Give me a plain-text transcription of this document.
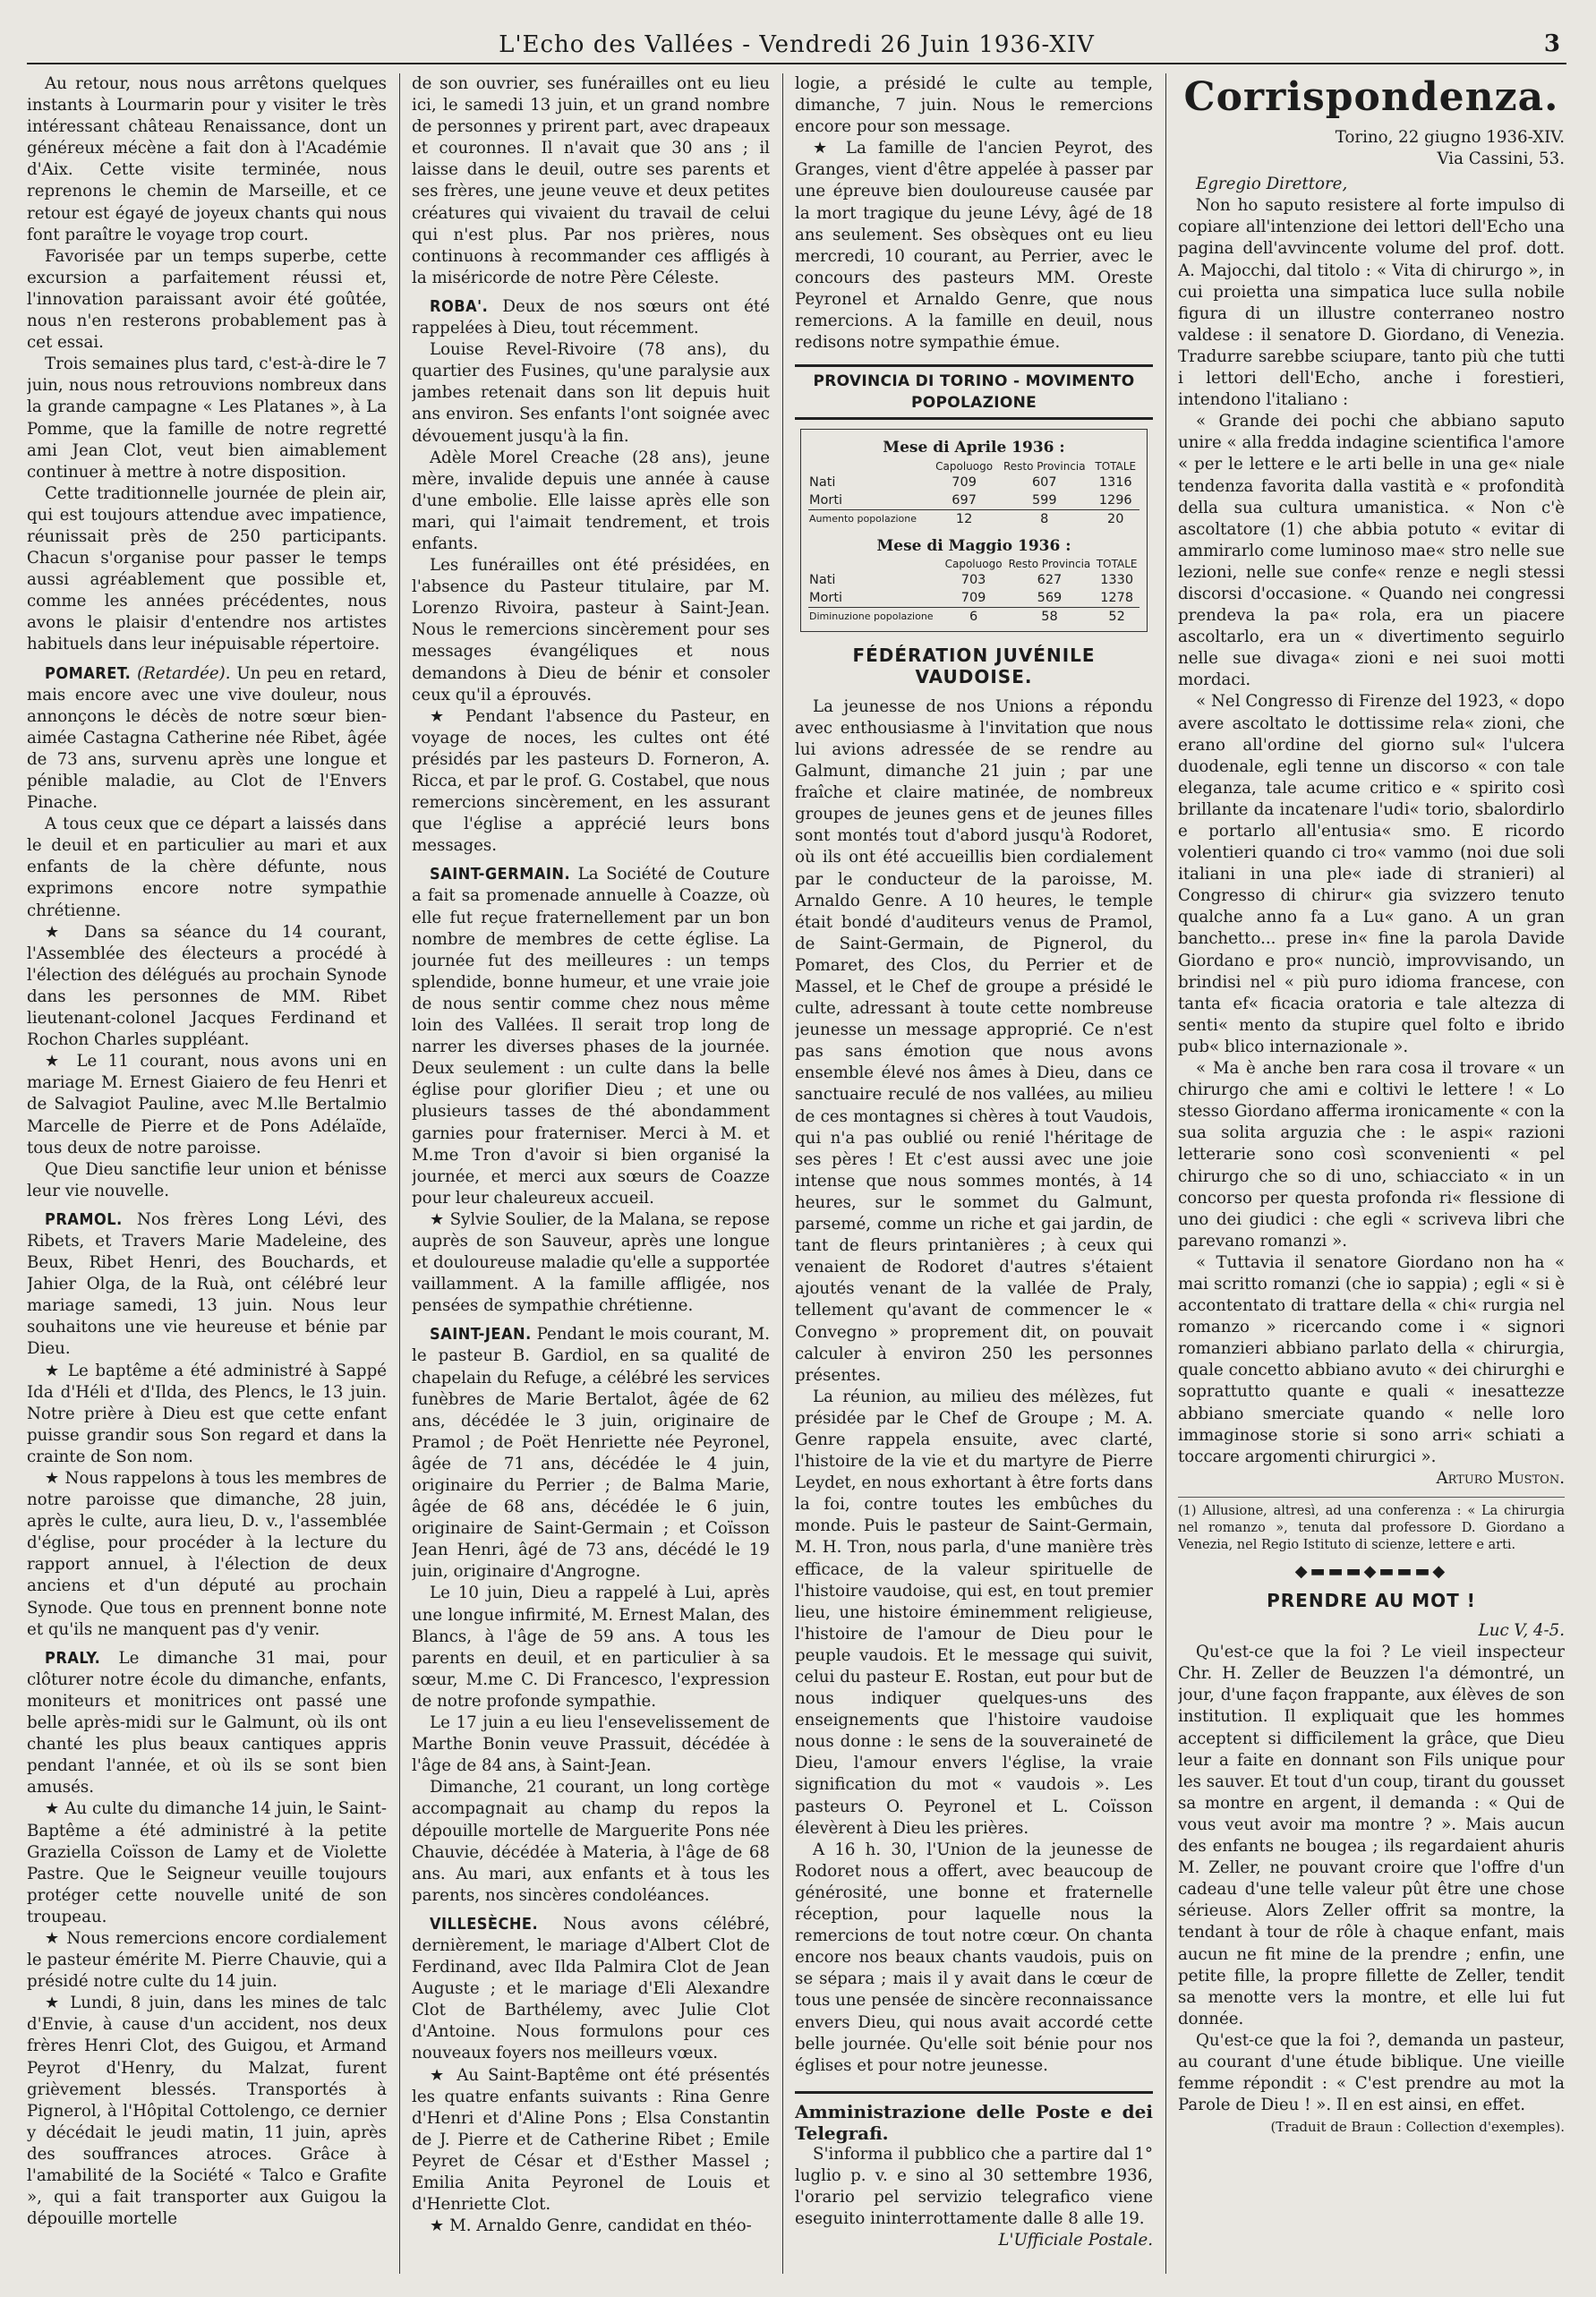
L'Echo des Vallées - Vendredi 26 Juin 1936-XIV	3

Au retour, nous nous arrêtons quelques instants à Lourmarin pour y visiter le très intéressant château Renaissance, dont un généreux mécène a fait don à l'Académie d'Aix. Cette visite terminée, nous reprenons le chemin de Marseille, et ce retour est égayé de joyeux chants qui nous font paraître le voyage trop court.

Favorisée par un temps superbe, cette excursion a parfaitement réussi et, l'innovation paraissant avoir été goûtée, nous n'en resterons probablement pas à cet essai.

Trois semaines plus tard, c'est-à-dire le 7 juin, nous nous retrouvions nombreux dans la grande campagne « Les Platanes », à La Pomme, que la famille de notre regretté ami Jean Clot, veut bien aimablement continuer à mettre à notre disposition.

Cette traditionnelle journée de plein air, qui est toujours attendue avec impatience, réunissait près de 250 participants. Chacun s'organise pour passer le temps aussi agréablement que possible et, comme les années précédentes, nous avons le plaisir d'entendre nos artistes habituels dans leur inépuisable répertoire.

POMARET. (Retardée). Un peu en retard, mais encore avec une vive douleur, nous annonçons le décès de notre sœur bien-aimée Castagna Catherine née Ribet, âgée de 73 ans, survenu après une longue et pénible maladie, au Clot de l'Envers Pinache.

A tous ceux que ce départ a laissés dans le deuil et en particulier au mari et aux enfants de la chère défunte, nous exprimons encore notre sympathie chrétienne.

★ Dans sa séance du 14 courant, l'Assemblée des électeurs a procédé à l'élection des délégués au prochain Synode dans les personnes de MM. Ribet lieutenant-colonel Jacques Ferdinand et Rochon Charles suppléant.

★ Le 11 courant, nous avons uni en mariage M. Ernest Giaiero de feu Henri et de Salvagiot Pauline, avec M.lle Bertalmio Marcelle de Pierre et de Pons Adélaïde, tous deux de notre paroisse.

Que Dieu sanctifie leur union et bénisse leur vie nouvelle.

PRAMOL. Nos frères Long Lévi, des Ribets, et Travers Marie Madeleine, des Beux, Ribet Henri, des Bouchards, et Jahier Olga, de la Ruà, ont célébré leur mariage samedi, 13 juin. Nous leur souhaitons une vie heureuse et bénie par Dieu.

★ Le baptême a été administré à Sappé Ida d'Héli et d'Ilda, des Plencs, le 13 juin. Notre prière à Dieu est que cette enfant puisse grandir sous Son regard et dans la crainte de Son nom.

★ Nous rappelons à tous les membres de notre paroisse que dimanche, 28 juin, après le culte, aura lieu, D. v., l'assemblée d'église, pour procéder à la lecture du rapport annuel, à l'élection de deux anciens et d'un député au prochain Synode. Que tous en prennent bonne note et qu'ils ne manquent pas d'y venir.

PRALY. Le dimanche 31 mai, pour clôturer notre école du dimanche, enfants, moniteurs et monitrices ont passé une belle après-midi sur le Galmunt, où ils ont chanté les plus beaux cantiques appris pendant l'année, et où ils se sont bien amusés.

★ Au culte du dimanche 14 juin, le Saint-Baptême a été administré à la petite Graziella Coïsson de Lamy et de Violette Pastre. Que le Seigneur veuille toujours protéger cette nouvelle unité de son troupeau.

★ Nous remercions encore cordialement le pasteur émérite M. Pierre Chauvie, qui a présidé notre culte du 14 juin.

★ Lundi, 8 juin, dans les mines de talc d'Envie, à cause d'un accident, nos deux frères Henri Clot, des Guigou, et Armand Peyrot d'Henry, du Malzat, furent grièvement blessés. Transportés à Pignerol, à l'Hôpital Cottolengo, ce dernier y décédait le jeudi matin, 11 juin, après des souffrances atroces. Grâce à l'amabilité de la Société « Talco e Grafite », qui a fait transporter aux Guigou la dépouille mortelle

de son ouvrier, ses funérailles ont eu lieu ici, le samedi 13 juin, et un grand nombre de personnes y prirent part, avec drapeaux et couronnes. Il n'avait que 30 ans ; il laisse dans le deuil, outre ses parents et ses frères, une jeune veuve et deux petites créatures qui vivaient du travail de celui qui n'est plus. Par nos prières, nous continuons à recommander ces affligés à la miséricorde de notre Père Céleste.

ROBA'. Deux de nos sœurs ont été rappelées à Dieu, tout récemment.

Louise Revel-Rivoire (78 ans), du quartier des Fusines, qu'une paralysie aux jambes retenait dans son lit depuis huit ans environ. Ses enfants l'ont soignée avec dévouement jusqu'à la fin.

Adèle Morel Creache (28 ans), jeune mère, invalide depuis une année à cause d'une embolie. Elle laisse après elle son mari, qui l'aimait tendrement, et trois enfants.

Les funérailles ont été présidées, en l'absence du Pasteur titulaire, par M. Lorenzo Rivoira, pasteur à Saint-Jean. Nous le remercions sincèrement pour ses messages évangéliques et nous demandons à Dieu de bénir et consoler ceux qu'il a éprouvés.

★ Pendant l'absence du Pasteur, en voyage de noces, les cultes ont été présidés par les pasteurs D. Forneron, A. Ricca, et par le prof. G. Costabel, que nous remercions sincèrement, en les assurant que l'église a apprécié leurs bons messages.

SAINT-GERMAIN. La Société de Couture a fait sa promenade annuelle à Coazze, où elle fut reçue fraternellement par un bon nombre de membres de cette église. La journée fut des meilleures : un temps splendide, bonne humeur, et une vraie joie de nous sentir comme chez nous même loin des Vallées. Il serait trop long de narrer les diverses phases de la journée. Deux seulement : un culte dans la belle église pour glorifier Dieu ; et une ou plusieurs tasses de thé abondamment garnies pour fraterniser. Merci à M. et M.me Tron d'avoir si bien organisé la journée, et merci aux sœurs de Coazze pour leur chaleureux accueil.

★ Sylvie Soulier, de la Malana, se repose auprès de son Sauveur, après une longue et douloureuse maladie qu'elle a supportée vaillamment. A la famille affligée, nos pensées de sympathie chrétienne.

SAINT-JEAN. Pendant le mois courant, M. le pasteur B. Gardiol, en sa qualité de chapelain du Refuge, a célébré les services funèbres de Marie Bertalot, âgée de 62 ans, décédée le 3 juin, originaire de Pramol ; de Poët Henriette née Peyronel, âgée de 71 ans, décédée le 4 juin, originaire du Perrier ; de Balma Marie, âgée de 68 ans, décédée le 6 juin, originaire de Saint-Germain ; et Coïsson Jean Henri, âgé de 73 ans, décédé le 19 juin, originaire d'Angrogne.

Le 10 juin, Dieu a rappelé à Lui, après une longue infirmité, M. Ernest Malan, des Blancs, à l'âge de 59 ans. A tous les parents en deuil, et en particulier à sa sœur, M.me C. Di Francesco, l'expression de notre profonde sympathie.

Le 17 juin a eu lieu l'ensevelissement de Marthe Bonin veuve Prassuit, décédée à l'âge de 84 ans, à Saint-Jean.

Dimanche, 21 courant, un long cortège accompagnait au champ du repos la dépouille mortelle de Marguerite Pons née Chauvie, décédée à Materia, à l'âge de 68 ans. Au mari, aux enfants et à tous les parents, nos sincères condoléances.

VILLESÈCHE. Nous avons célébré, dernièrement, le mariage d'Albert Clot de Ferdinand, avec Ilda Palmira Clot de Jean Auguste ; et le mariage d'Eli Alexandre Clot de Barthélemy, avec Julie Clot d'Antoine. Nous formulons pour ces nouveaux foyers nos meilleurs vœux.

★ Au Saint-Baptême ont été présentés les quatre enfants suivants : Rina Genre d'Henri et d'Aline Pons ; Elsa Constantin de J. Pierre et de Catherine Ribet ; Emile Peyret de César et d'Esther Massel ; Emilia Anita Peyronel de Louis et d'Henriette Clot.

★ M. Arnaldo Genre, candidat en théo-

logie, a présidé le culte au temple, dimanche, 7 juin. Nous le remercions encore pour son message.

★ La famille de l'ancien Peyrot, des Granges, vient d'être appelée à passer par une épreuve bien douloureuse causée par la mort tragique du jeune Lévy, âgé de 18 ans seulement. Ses obsèques ont eu lieu mercredi, 10 courant, au Perrier, avec le concours des pasteurs MM. Oreste Peyronel et Arnaldo Genre, que nous remercions. A la famille en deuil, nous redisons notre sympathie émue.

PROVINCIA DI TORINO - MOVIMENTO POPOLAZIONE
Mese di Aprile 1936 :
	Capoluogo	Resto Provincia	TOTALE
Nati	709	607	1316
Morti	697	599	1296
Aumento popolazione	12	8	20
Mese di Maggio 1936 :
	Capoluogo	Resto Provincia	TOTALE
Nati	703	627	1330
Morti	709	569	1278
Diminuzione popolazione	6	58	52
FÉDÉRATION JUVÉNILE VAUDOISE.

La jeunesse de nos Unions a répondu avec enthousiasme à l'invitation que nous lui avions adressée de se rendre au Galmunt, dimanche 21 juin ; par une fraîche et claire matinée, de nombreux groupes de jeunes gens et de jeunes filles sont montés tout d'abord jusqu'à Rodoret, où ils ont été accueillis bien cordialement par le conducteur de la paroisse, M. Arnaldo Genre. A 10 heures, le temple était bondé d'auditeurs venus de Pramol, de Saint-Germain, de Pignerol, du Pomaret, des Clos, du Perrier et de Massel, et le Chef de groupe a présidé le culte, adressant à toute cette nombreuse jeunesse un message approprié. Ce n'est pas sans émotion que nous avons ensemble élevé nos âmes à Dieu, dans ce sanctuaire reculé de nos vallées, au milieu de ces montagnes si chères à tout Vaudois, qui n'a pas oublié ou renié l'héritage de ses pères ! Et c'est aussi avec une joie intense que nous sommes montés, à 14 heures, sur le sommet du Galmunt, parsemé, comme un riche et gai jardin, de tant de fleurs printanières ; à ceux qui venaient de Rodoret d'autres s'étaient ajoutés venant de la vallée de Praly, tellement qu'avant de commencer le « Convegno » proprement dit, on pouvait calculer à environ 250 les personnes présentes.

La réunion, au milieu des mélèzes, fut présidée par le Chef de Groupe ; M. A. Genre rappela ensuite, avec clarté, l'histoire de la vie et du martyre de Pierre Leydet, en nous exhortant à être forts dans la foi, contre toutes les embûches du monde. Puis le pasteur de Saint-Germain, M. H. Tron, nous parla, d'une manière très efficace, de la valeur spirituelle de l'histoire vaudoise, qui est, en tout premier lieu, une histoire éminemment religieuse, l'histoire de l'amour de Dieu pour le peuple vaudois. Et le message qui suivit, celui du pasteur E. Rostan, eut pour but de nous indiquer quelques-uns des enseignements que l'histoire vaudoise nous donne : le sens de la souveraineté de Dieu, l'amour envers l'église, la vraie signification du mot « vaudois ». Les pasteurs O. Peyronel et L. Coïsson élevèrent à Dieu les prières.

A 16 h. 30, l'Union de la jeunesse de Rodoret nous a offert, avec beaucoup de générosité, une bonne et fraternelle réception, pour laquelle nous la remercions de tout notre cœur. On chanta encore nos beaux chants vaudois, puis on se sépara ; mais il y avait dans le cœur de tous une pensée de sincère reconnaissance envers Dieu, qui nous avait accordé cette belle journée. Qu'elle soit bénie pour nos églises et pour notre jeunesse.

Amministrazione delle Poste e dei Telegrafi.

S'informa il pubblico che a partire dal 1° luglio p. v. e sino al 30 settembre 1936, l'orario pel servizio telegrafico viene eseguito ininterrottamente dalle 8 alle 19.

L'Ufficiale Postale.

Corrispondenza.

Torino, 22 giugno 1936-XIV.

Via Cassini, 53.

Egregio Direttore,

Non ho saputo resistere al forte impulso di copiare all'intenzione dei lettori dell'Echo una pagina dell'avvincente volume del prof. dott. A. Majocchi, dal titolo : « Vita di chirurgo », in cui proietta una simpatica luce sulla nobile figura di un illustre conterraneo nostro valdese : il senatore D. Giordano, di Venezia. Tradurre sarebbe sciupare, tanto più che tutti i lettori dell'Echo, anche i forestieri, intendono l'italiano :

« Grande dei pochi che abbiano saputo unire « alla fredda indagine scientifica l'amore « per le lettere e le arti belle in una ge« niale tendenza favorita dalla vastità e « profondità della sua cultura umanistica. « Non c'è ascoltatore (1) che abbia potuto « evitar di ammirarlo come luminoso mae« stro nelle sue lezioni, nelle sue confe« renze e negli stessi discorsi d'occasione. « Quando nei congressi prendeva la pa« rola, era un piacere ascoltarlo, era un « divertimento seguirlo nelle sue divaga« zioni e nei suoi motti mordaci.

« Nel Congresso di Firenze del 1923, « dopo avere ascoltato le dottissime rela« zioni, che erano all'ordine del giorno sul« l'ulcera duodenale, egli tenne un discorso « con tale eleganza, tale acume critico e « spirito così brillante da incatenare l'udi« torio, sbalordirlo e portarlo all'entusia« smo. E ricordo volentieri quando ci tro« vammo (noi due soli italiani in una ple« iade di stranieri) al Congresso di chirur« gia svizzero tenuto qualche anno fa a Lu« gano. A un gran banchetto... prese in« fine la parola Davide Giordano e pro« nunciò, improvvisando, un brindisi nel « più puro idioma francese, con tanta ef« ficacia oratoria e tale altezza di senti« mento da stupire quel folto e ibrido pub« blico internazionale ».

« Ma è anche ben rara cosa il trovare « un chirurgo che ami e coltivi le lettere ! « Lo stesso Giordano afferma ironicamente « con la sua solita arguzia che : le aspi« razioni letterarie sono così sconvenienti « pel chirurgo che so di uno, schiacciato « in un concorso per questa profonda ri« flessione di uno dei giudici : che egli « scriveva libri che parevano romanzi ».

« Tuttavia il senatore Giordano non ha « mai scritto romanzi (che io sappia) ; egli « si è accontentato di trattare della « chi« rurgia nel romanzo » ricercando come i « signori romanzieri abbiano parlato della « chirurgia, quale concetto abbiano avuto « dei chirurghi e soprattutto quante e quali « inesattezze abbiano smerciate quando « nelle loro immaginose storie si sono arri« schiati a toccare argomenti chirurgici ».

Arturo Muston.

(1) Allusione, altresì, ad una conferenza : « La chirurgia nel romanzo », tenuta dal professore D. Giordano a Venezia, nel Regio Istituto di scienze, lettere e arti.
◆▬▬▬◆▬▬▬◆
PRENDRE AU MOT !

Luc V, 4-5.

Qu'est-ce que la foi ? Le vieil inspecteur Chr. H. Zeller de Beuzzen l'a démontré, un jour, d'une façon frappante, aux élèves de son institution. Il expliquait que les hommes acceptent si difficilement la grâce, que Dieu leur a faite en donnant son Fils unique pour les sauver. Et tout d'un coup, tirant du gousset sa montre en argent, il demanda : « Qui de vous veut avoir ma montre ? ». Mais aucun des enfants ne bougea ; ils regardaient ahuris M. Zeller, ne pouvant croire que l'offre d'un cadeau d'une telle valeur pût être une chose sérieuse. Alors Zeller offrit sa montre, la tendant à tour de rôle à chaque enfant, mais aucun ne fit mine de la prendre ; enfin, une petite fille, la propre fillette de Zeller, tendit sa menotte vers la montre, et elle lui fut donnée.

Qu'est-ce que la foi ?, demanda un pasteur, au courant d'une étude biblique. Une vieille femme répondit : « C'est prendre au mot la Parole de Dieu ! ». Il en est ainsi, en effet.

(Traduit de Braun : Collection d'exemples).
